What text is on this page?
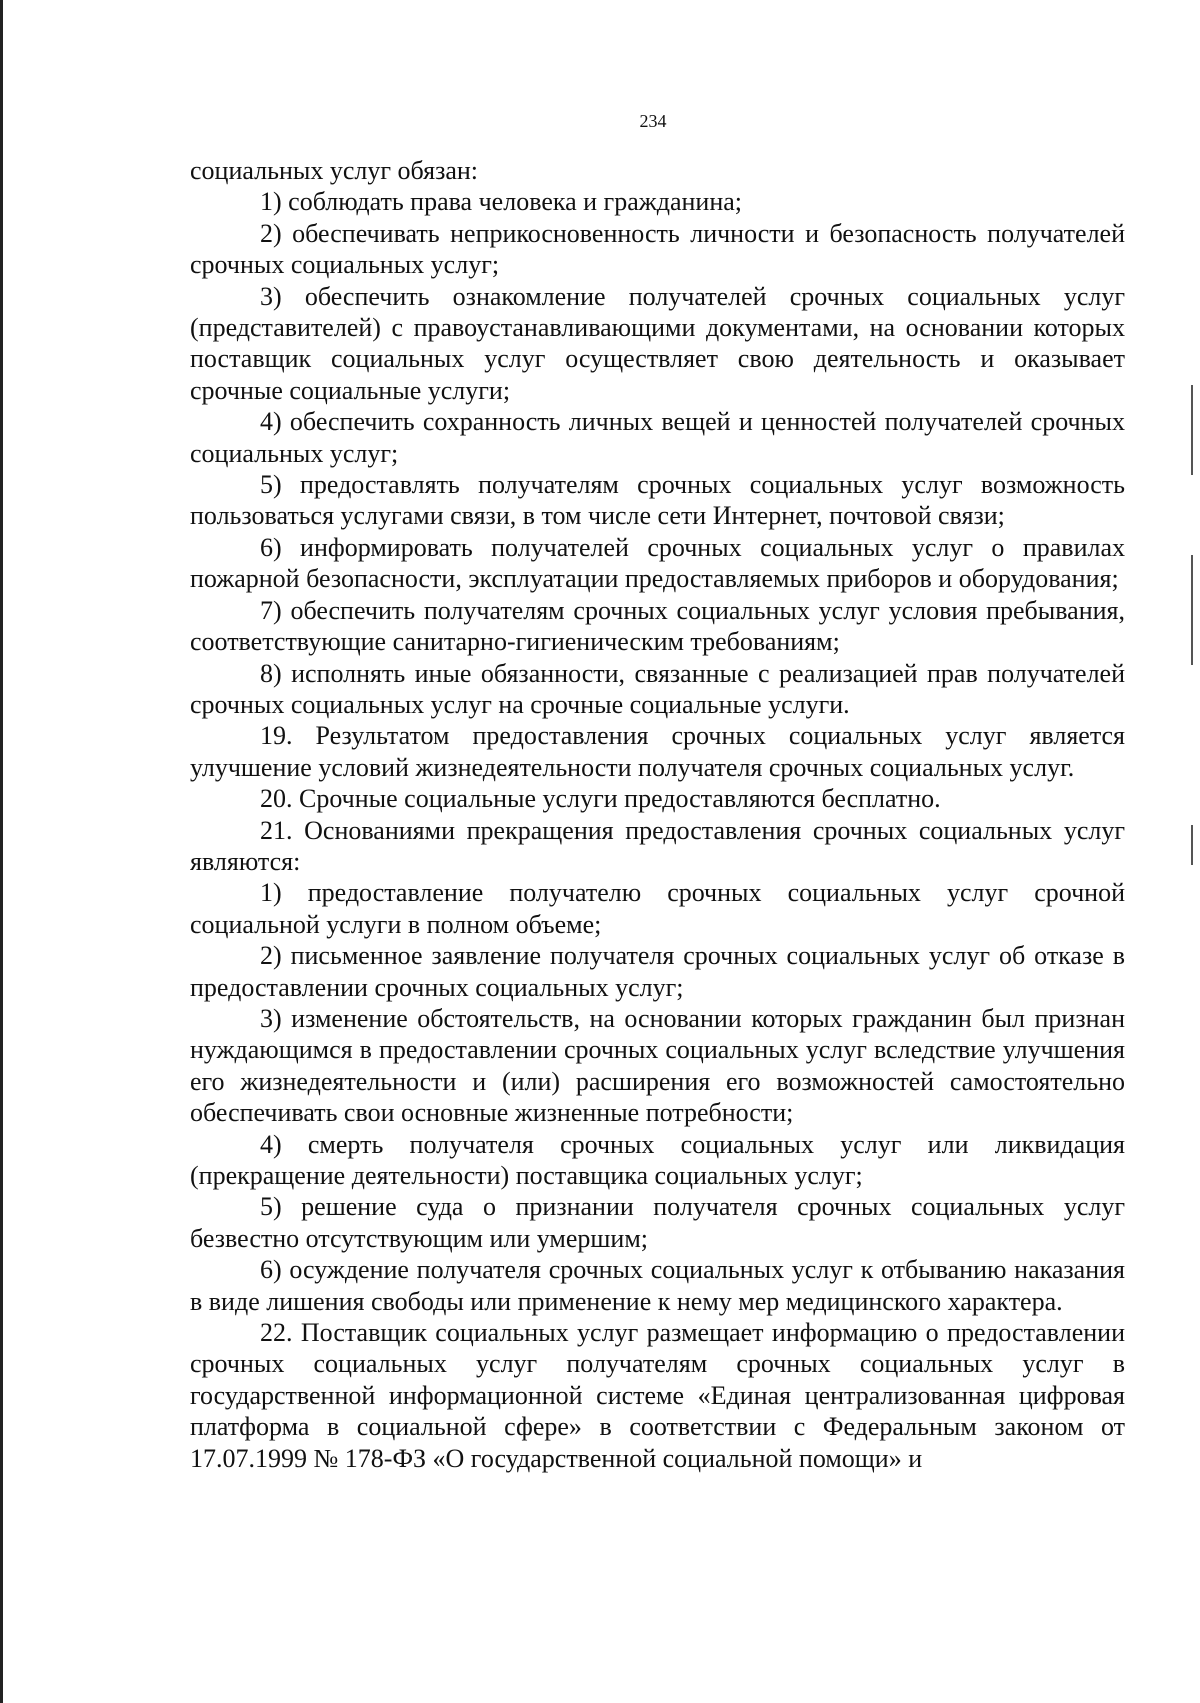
234

социальных услуг обязан:

1) соблюдать права человека и гражданина;

2) обеспечивать неприкосновенность личности и безопасность получателей срочных социальных услуг;

3) обеспечить ознакомление получателей срочных социальных услуг (представителей) с правоустанавливающими документами, на основании которых поставщик социальных услуг осуществляет свою деятельность и оказывает срочные социальные услуги;

4) обеспечить сохранность личных вещей и ценностей получателей срочных социальных услуг;

5) предоставлять получателям срочных социальных услуг возможность пользоваться услугами связи, в том числе сети Интернет, почтовой связи;

6) информировать получателей срочных социальных услуг о правилах пожарной безопасности, эксплуатации предоставляемых приборов и оборудования;

7) обеспечить получателям срочных социальных услуг условия пребывания, соответствующие санитарно-гигиеническим требованиям;

8) исполнять иные обязанности, связанные с реализацией прав получателей срочных социальных услуг на срочные социальные услуги.

19. Результатом предоставления срочных социальных услуг является улучшение условий жизнедеятельности получателя срочных социальных услуг.

20. Срочные социальные услуги предоставляются бесплатно.

21. Основаниями прекращения предоставления срочных социальных услуг являются:

1) предоставление получателю срочных социальных услуг срочной социальной услуги в полном объеме;

2) письменное заявление получателя срочных социальных услуг об отказе в предоставлении срочных социальных услуг;

3) изменение обстоятельств, на основании которых гражданин был признан нуждающимся в предоставлении срочных социальных услуг вследствие улучшения его жизнедеятельности и (или) расширения его возможностей самостоятельно обеспечивать свои основные жизненные потребности;

4) смерть получателя срочных социальных услуг или ликвидация (прекращение деятельности) поставщика социальных услуг;

5) решение суда о признании получателя срочных социальных услуг безвестно отсутствующим или умершим;

6) осуждение получателя срочных социальных услуг к отбыванию наказания в виде лишения свободы или применение к нему мер медицинского характера.

22. Поставщик социальных услуг размещает информацию о предоставлении срочных социальных услуг получателям срочных социальных услуг в государственной информационной системе «Единая централизованная цифровая платформа в социальной сфере» в соответствии с Федеральным законом от 17.07.1999 № 178-ФЗ «О государственной социальной помощи» и
